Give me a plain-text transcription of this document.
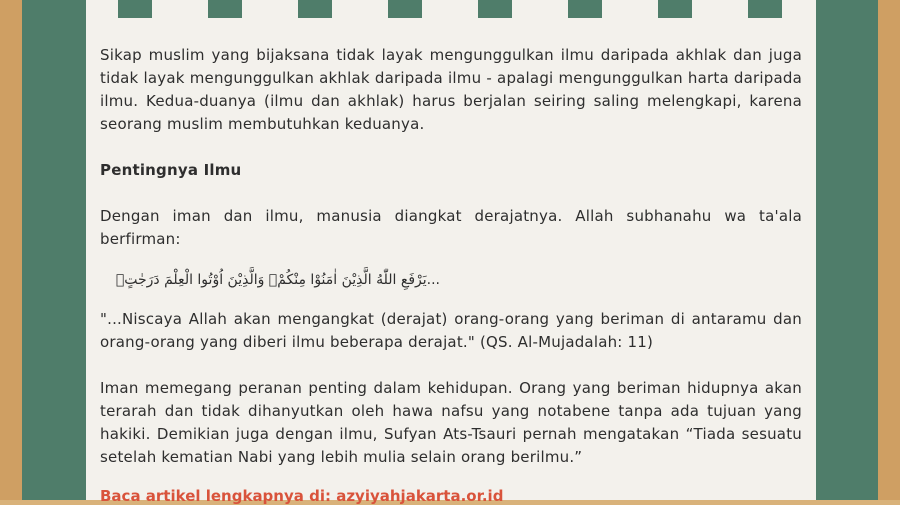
Sikap muslim yang bijaksana tidak layak mengunggulkan ilmu daripada akhlak dan juga tidak layak mengunggulkan akhlak daripada ilmu - apalagi mengunggulkan harta daripada ilmu. Kedua-duanya (ilmu dan akhlak) harus berjalan seiring saling melengkapi, karena seorang muslim membutuhkan keduanya.

Pentingnya Ilmu

Dengan iman dan ilmu, manusia diangkat derajatnya. Allah subhanahu wa ta'ala berfirman:

...يَرْفَعِ اللّٰهُ الَّذِيْنَ اٰمَنُوْا مِنْكُمْۙ وَالَّذِيْنَ اُوْتُوا الْعِلْمَ دَرَجٰتٍۗ

"...Niscaya Allah akan mengangkat (derajat) orang-orang yang beriman di antaramu dan orang-orang yang diberi ilmu beberapa derajat." (QS. Al-Mujadalah: 11)

Iman memegang peranan penting dalam kehidupan. Orang yang beriman hidupnya akan terarah dan tidak dihanyutkan oleh hawa nafsu yang notabene tanpa ada tujuan yang hakiki. Demikian juga dengan ilmu, Sufyan Ats-Tsauri pernah mengatakan “Tiada sesuatu setelah kematian Nabi yang lebih mulia selain orang berilmu.”

Baca artikel lengkapnya di: azyiyahjakarta.or.id
